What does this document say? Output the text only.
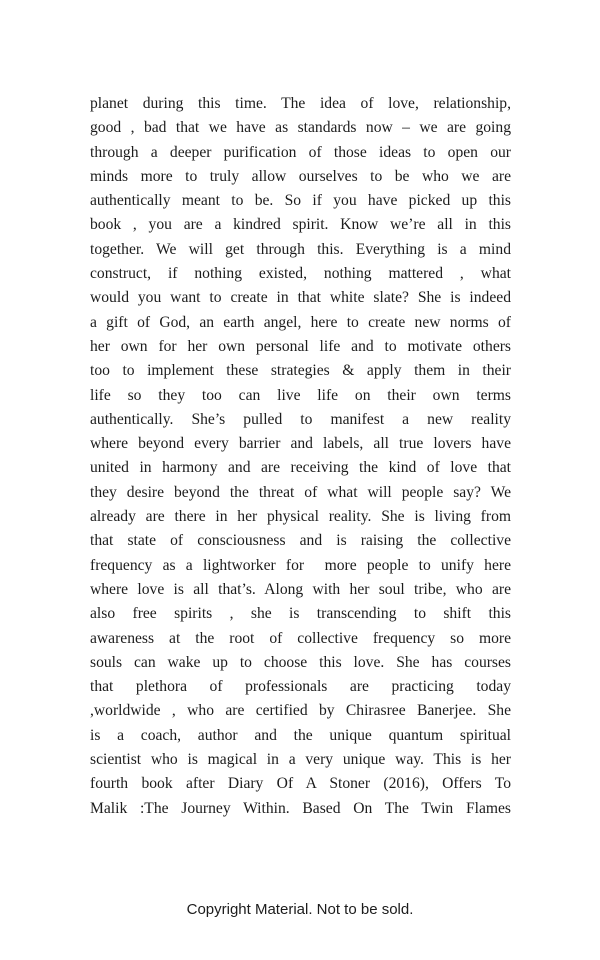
planet during this time. The idea of love, relationship,
good , bad that we have as standards now – we are going
through a deeper purification of those ideas to open our
minds more to truly allow ourselves to be who we are
authentically meant to be. So if you have picked up this
book , you are a kindred spirit. Know we’re all in this
together. We will get through this. Everything is a mind
construct, if nothing existed, nothing mattered , what
would you want to create in that white slate? She is indeed
a gift of God, an earth angel, here to create new norms of
her own for her own personal life and to motivate others
too to implement these strategies & apply them in their
life so they too can live life on their own terms
authentically. She’s pulled to manifest a new reality
where beyond every barrier and labels, all true lovers have
united in harmony and are receiving the kind of love that
they desire beyond the threat of what will people say? We
already are there in her physical reality. She is living from
that state of consciousness and is raising the collective
frequency as a lightworker for  more people to unify here
where love is all that’s. Along with her soul tribe, who are
also free spirits , she is transcending to shift this
awareness at the root of collective frequency so more
souls can wake up to choose this love. She has courses
that plethora of professionals are practicing today
,worldwide , who are certified by Chirasree Banerjee. She
is a coach, author and the unique quantum spiritual
scientist who is magical in a very unique way. This is her
fourth book after Diary Of A Stoner (2016), Offers To
Malik :The Journey Within. Based On The Twin Flames
Copyright Material. Not to be sold.
